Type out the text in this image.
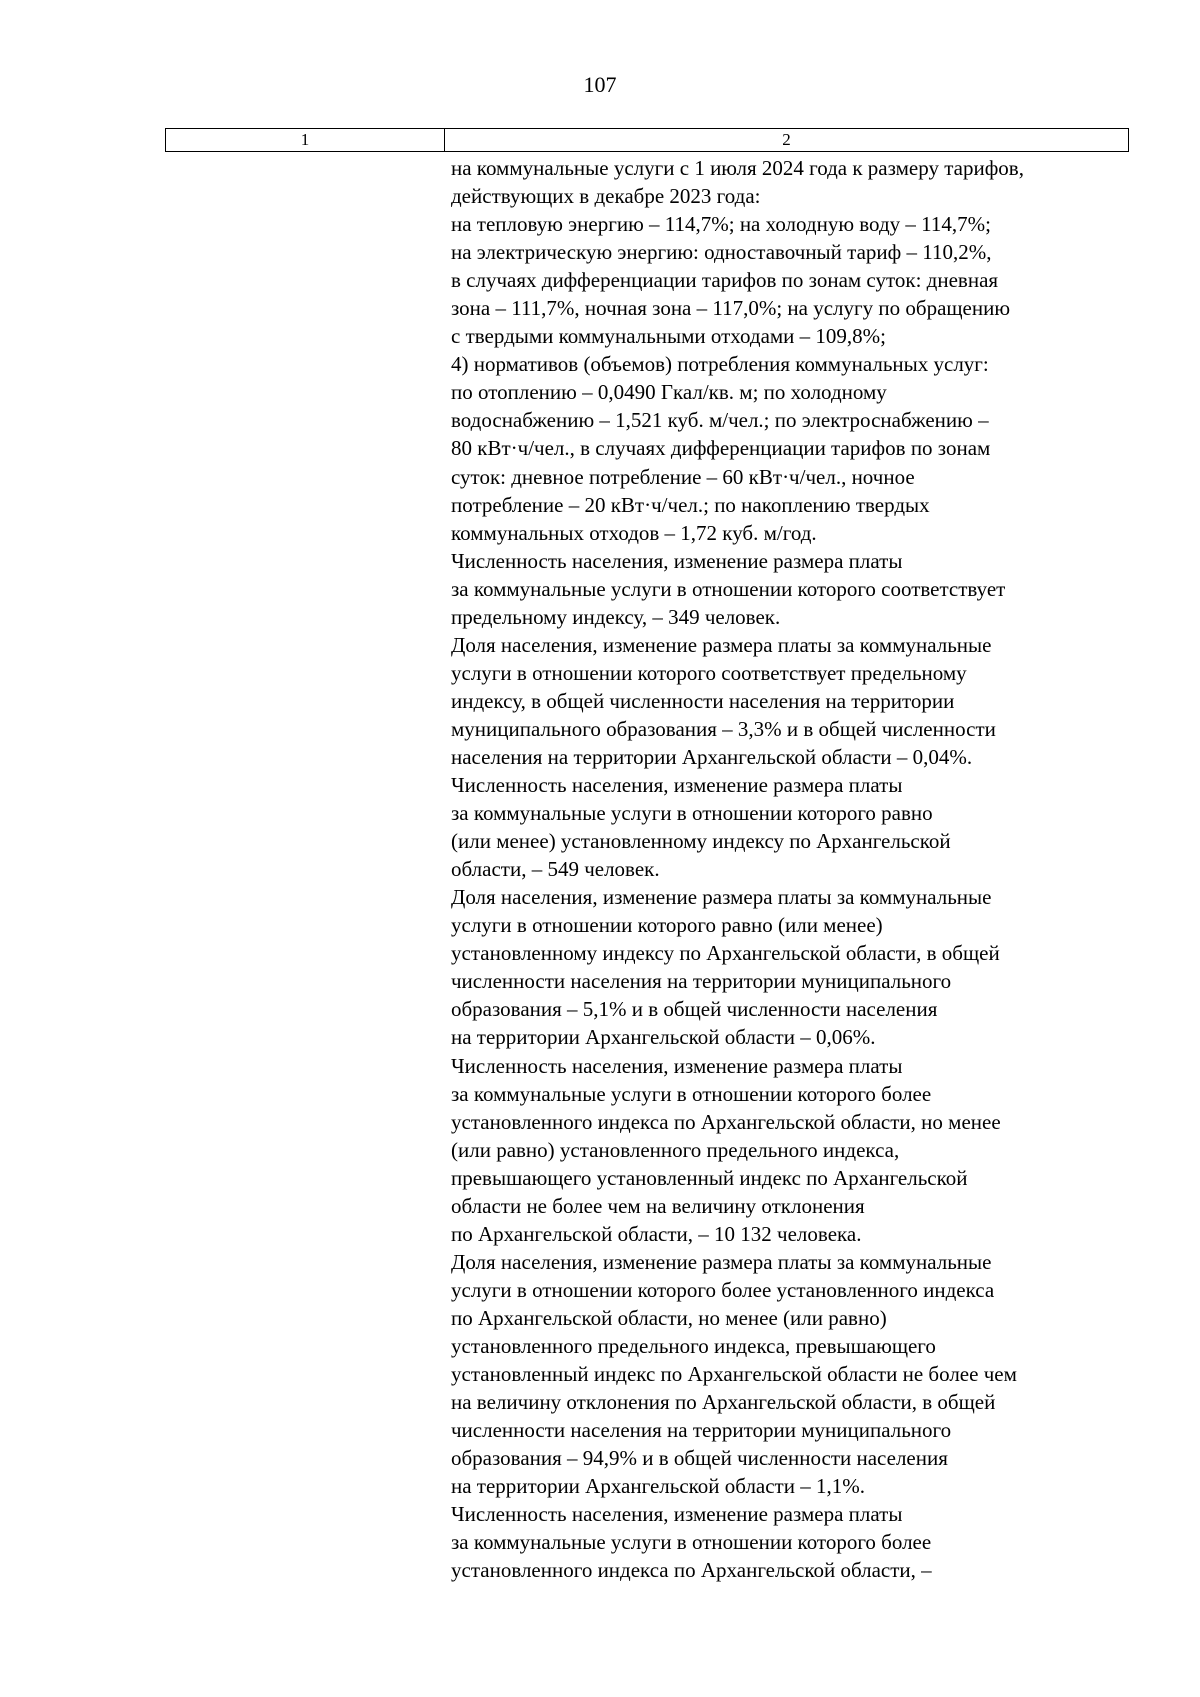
107
1	2
на коммунальные услуги с 1 июля 2024 года к размеру тарифов,
действующих в декабре 2023 года:
на тепловую энергию – 114,7%; на холодную воду – 114,7%;
на электрическую энергию: одноставочный тариф – 110,2%,
в случаях дифференциации тарифов по зонам суток: дневная
зона – 111,7%, ночная зона – 117,0%; на услугу по обращению
с твердыми коммунальными отходами – 109,8%;
4) нормативов (объемов) потребления коммунальных услуг:
по отоплению – 0,0490 Гкал/кв. м; по холодному
водоснабжению – 1,521 куб. м/чел.; по электроснабжению –
80 кВт·ч/чел., в случаях дифференциации тарифов по зонам
суток: дневное потребление – 60 кВт·ч/чел., ночное
потребление – 20 кВт·ч/чел.; по накоплению твердых
коммунальных отходов – 1,72 куб. м/год.
Численность населения, изменение размера платы
за коммунальные услуги в отношении которого соответствует
предельному индексу, – 349 человек.
Доля населения, изменение размера платы за коммунальные
услуги в отношении которого соответствует предельному
индексу, в общей численности населения на территории
муниципального образования – 3,3% и в общей численности
населения на территории Архангельской области – 0,04%.
Численность населения, изменение размера платы
за коммунальные услуги в отношении которого равно
(или менее) установленному индексу по Архангельской
области, – 549 человек.
Доля населения, изменение размера платы за коммунальные
услуги в отношении которого равно (или менее)
установленному индексу по Архангельской области, в общей
численности населения на территории муниципального
образования – 5,1% и в общей численности населения
на территории Архангельской области – 0,06%.
Численность населения, изменение размера платы
за коммунальные услуги в отношении которого более
установленного индекса по Архангельской области, но менее
(или равно) установленного предельного индекса,
превышающего установленный индекс по Архангельской
области не более чем на величину отклонения
по Архангельской области, – 10 132 человека.
Доля населения, изменение размера платы за коммунальные
услуги в отношении которого более установленного индекса
по Архангельской области, но менее (или равно)
установленного предельного индекса, превышающего
установленный индекс по Архангельской области не более чем
на величину отклонения по Архангельской области, в общей
численности населения на территории муниципального
образования – 94,9% и в общей численности населения
на территории Архангельской области – 1,1%.
Численность населения, изменение размера платы
за коммунальные услуги в отношении которого более
установленного индекса по Архангельской области, –
